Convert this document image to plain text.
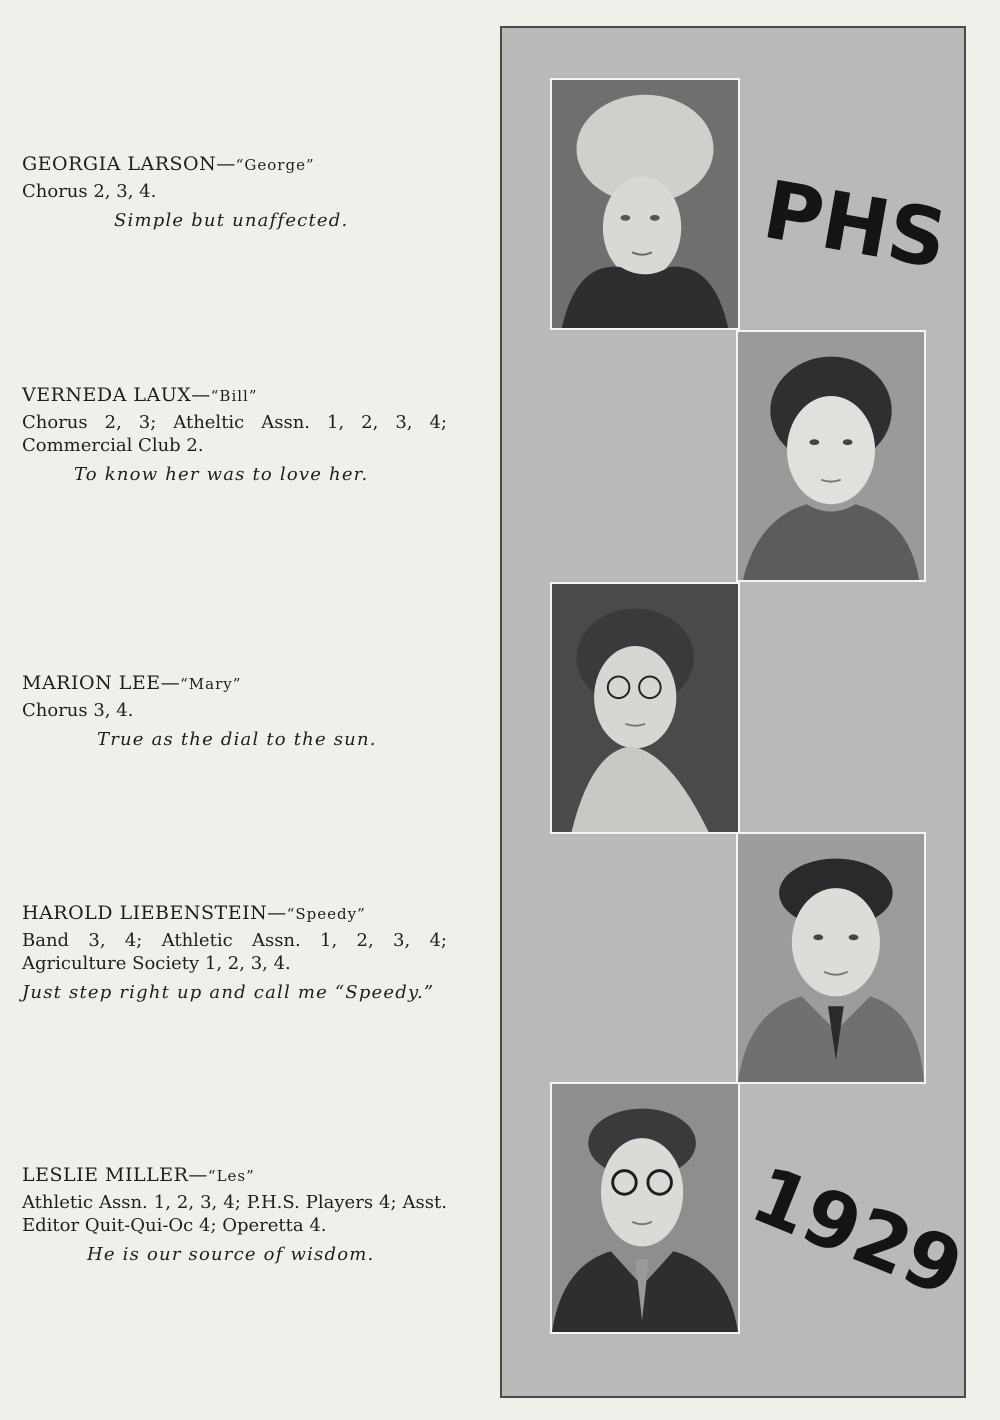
GEORGIA LARSON—“George”
Chorus 2, 3, 4.
Simple but unaffected.
VERNEDA LAUX—“Bill”
Chorus 2, 3; Atheltic Assn. 1, 2, 3, 4; Commercial Club 2.
To know her was to love her.
MARION LEE—“Mary”
Chorus 3, 4.
True as the dial to the sun.
HAROLD LIEBENSTEIN—“Speedy”
Band 3, 4; Athletic Assn. 1, 2, 3, 4; Agriculture Society 1, 2, 3, 4.
Just step right up and call me “Speedy.”
LESLIE MILLER—“Les”
Athletic Assn. 1, 2, 3, 4; P.H.S. Players 4; Asst. Editor Quit-Qui-Oc 4; Operetta 4.
He is our source of wisdom.
PHS
1929
